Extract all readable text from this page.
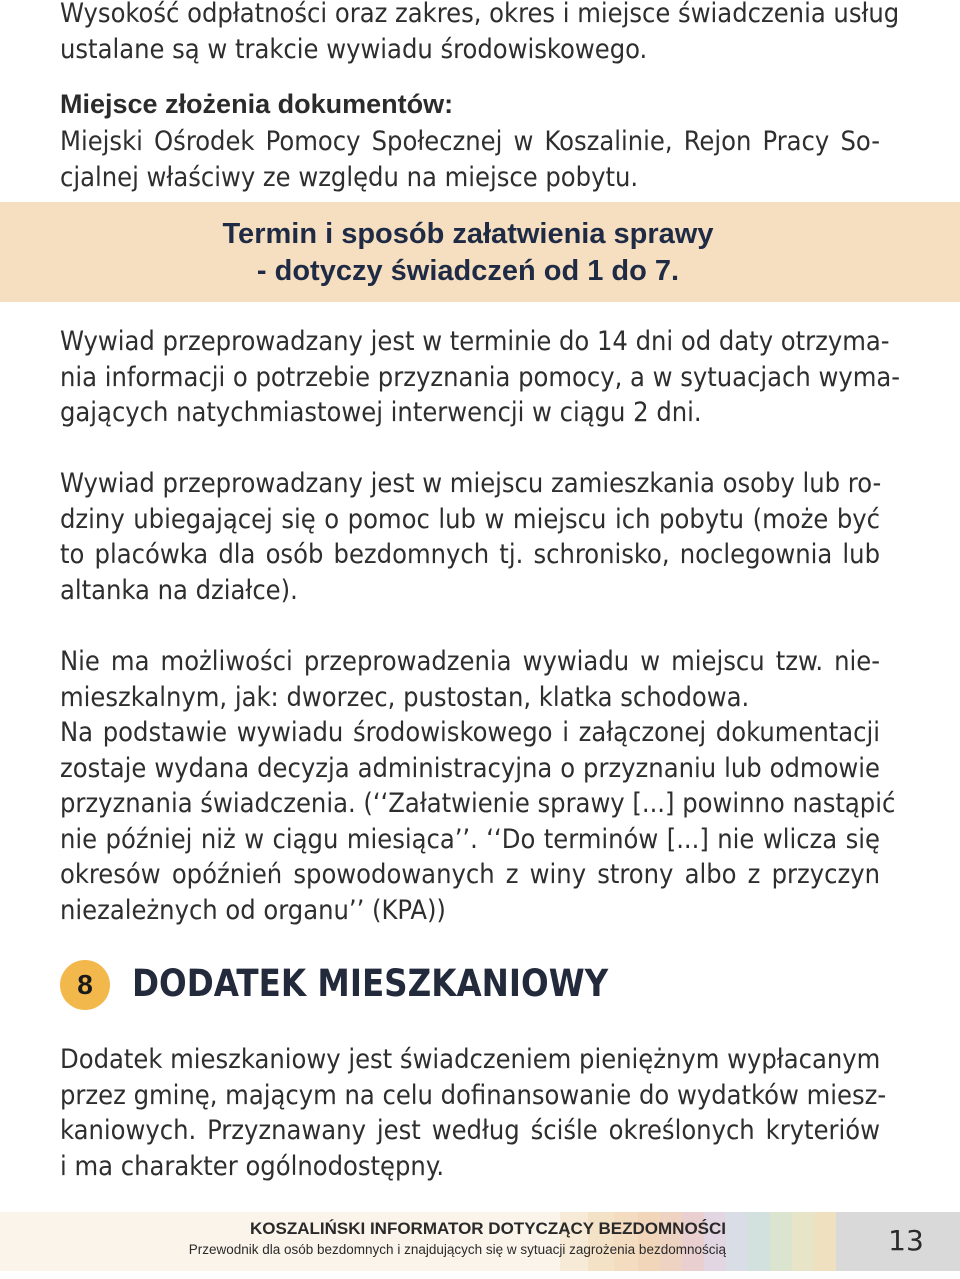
Wysokość odpłatności oraz zakres, okres i miejsce świadczenia usług
ustalane są w trakcie wywiadu środowiskowego.
Miejsce złożenia dokumentów:
Miejski Ośrodek Pomocy Społecznej w Koszalinie, Rejon Pracy So-
cjalnej właściwy ze względu na miejsce pobytu.
Termin i sposób załatwienia sprawy
- dotyczy świadczeń od 1 do 7.
Wywiad przeprowadzany jest w terminie do 14 dni od daty otrzyma-
nia informacji o potrzebie przyznania pomocy, a w sytuacjach wyma-
gających natychmiastowej interwencji w ciągu 2 dni.
Wywiad przeprowadzany jest w miejscu zamieszkania osoby lub ro-
dziny ubiegającej się o pomoc lub w miejscu ich pobytu (może być
to placówka dla osób bezdomnych tj. schronisko, noclegownia lub
altanka na działce).
Nie ma możliwości przeprowadzenia wywiadu w miejscu tzw. nie-
mieszkalnym, jak: dworzec, pustostan, klatka schodowa.
Na podstawie wywiadu środowiskowego i załączonej dokumentacji
zostaje wydana decyzja administracyjna o przyznaniu lub odmowie
przyznania świadczenia. (‘‘Załatwienie sprawy [...] powinno nastąpić
nie później niż w ciągu miesiąca’’. ‘‘Do terminów [...] nie wlicza się
okresów opóźnień spowodowanych z winy strony albo z przyczyn
niezależnych od organu’’ (KPA))
8	DODATEK MIESZKANIOWY
Dodatek mieszkaniowy jest świadczeniem pieniężnym wypłacanym
przez gminę, mającym na celu dofinansowanie do wydatków miesz-
kaniowych. Przyznawany jest według ściśle określonych kryteriów
i ma charakter ogólnodostępny.
KOSZALIŃSKI INFORMATOR DOTYCZĄCY BEZDOMNOŚCI
Przewodnik dla osób bezdomnych i znajdujących się w sytuacji zagrożenia bezdomnością	13
